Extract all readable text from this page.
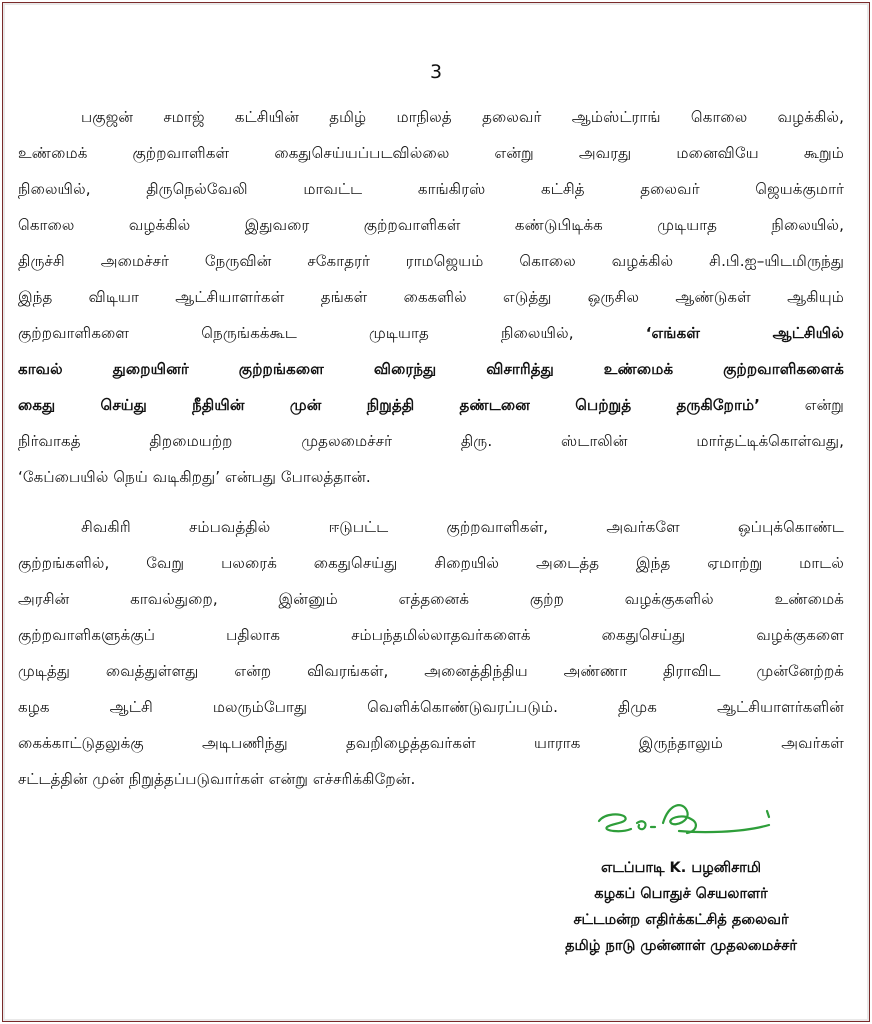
3
பகுஜன் சமாஜ் கட்சியின் தமிழ் மாநிலத் தலைவர் ஆம்ஸ்ட்ராங் கொலை வழக்கில்,
உண்மைக் குற்றவாளிகள் கைதுசெய்யப்படவில்லை என்று அவரது மனைவியே கூறும்
நிலையில், திருநெல்வேலி மாவட்ட காங்கிரஸ் கட்சித் தலைவர் ஜெயக்குமார்
கொலை வழக்கில் இதுவரை குற்றவாளிகள் கண்டுபிடிக்க முடியாத நிலையில்,
திருச்சி அமைச்சர் நேருவின் சகோதரர் ராமஜெயம் கொலை வழக்கில் சி.பி.ஐ–யிடமிருந்து
இந்த விடியா ஆட்சியாளர்கள் தங்கள் கைகளில் எடுத்து ஒருசில ஆண்டுகள் ஆகியும்
குற்றவாளிகளை நெருங்கக்கூட முடியாத நிலையில்,	‘எங்கள் ஆட்சியில்
காவல் துறையினர் குற்றங்களை விரைந்து விசாரித்து உண்மைக் குற்றவாளிகளைக்
கைது செய்து நீதியின் முன் நிறுத்தி தண்டனை பெற்றுத் தருகிறோம்’	என்று
நிர்வாகத் திறமையற்ற முதலமைச்சர் திரு. ஸ்டாலின் மார்தட்டிக்கொள்வது,
‘கேப்பையில் நெய் வடிகிறது’ என்பது போலத்தான்.
சிவகிரி சம்பவத்தில் ஈடுபட்ட குற்றவாளிகள், அவர்களே ஒப்புக்கொண்ட
குற்றங்களில், வேறு பலரைக் கைதுசெய்து சிறையில் அடைத்த இந்த ஏமாற்று மாடல்
அரசின் காவல்துறை, இன்னும் எத்தனைக் குற்ற வழக்குகளில் உண்மைக்
குற்றவாளிகளுக்குப் பதிலாக சம்பந்தமில்லாதவர்களைக் கைதுசெய்து வழக்குகளை
முடித்து வைத்துள்ளது என்ற விவரங்கள், அனைத்திந்திய அண்ணா திராவிட முன்னேற்றக்
கழக ஆட்சி மலரும்போது வெளிக்கொண்டுவரப்படும். திமுக ஆட்சியாளர்களின்
கைக்காட்டுதலுக்கு அடிபணிந்து தவறிழைத்தவர்கள் யாராக இருந்தாலும் அவர்கள்
சட்டத்தின் முன் நிறுத்தப்படுவார்கள் என்று எச்சரிக்கிறேன்.
எடப்பாடி K. பழனிசாமி
கழகப் பொதுச் செயலாளர்
சட்டமன்ற எதிர்க்கட்சித் தலைவர்
தமிழ் நாடு முன்னாள் முதலமைச்சர்
